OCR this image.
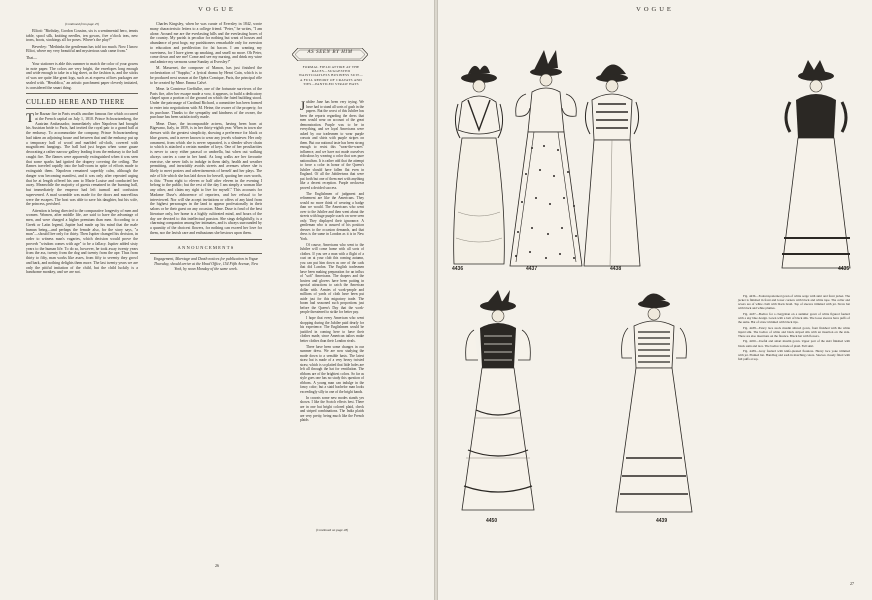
VOGUE

(Continued from page 25)

Elliott: "Birthday, Gordon Cousins, six is a sentimental hero, tennis table, spool silk, knitting needles, ten gowns, five o'clock teas, new irons, boots, stockings all for poses. Where's the play?"

Beverley: "Methinks the gentleman has told too much. Now I know Elliot, where my very beautiful and mysterious sash came from."

That—

Your stationer is able this summer to match the color of your gowns in note paper. The colors are very bright, the envelopes long enough and wide enough to take in a big sheet, as the fashion is, and the sticks of wax are quite like great logs, such as at express offices packages are sealed with. "Heraldica," an artistic parchment paper cleverly imitated, is considered the smart thing.

CULLED HERE AND THERE

The Bazaar fire in Paris recalls another famous fire which occurred at the French capital on July 1, 1810. Prince Schwartzenberg, the Austrian Ambassador, immediately after Napoleon had brought his Austrian bride to Paris, had invited the royal pair to a grand ball at the embassy. To accommodate the company, Prince Schwartzenberg had taken an adjoining house and between that and the embassy put up a temporary hall of wood and marbled oil-cloth, covered with magnificent hangings. The hall had just begun when some gauze decorating a rather narrow gallery leading from the embassy to the hall caught fire. The flames were apparently extinguished when it was seen that some sparks had ignited the drapery covering the ceiling. The flames traveled rapidly into the ball-room in spite of efforts made to extinguish them. Napoleon remained superbly calm, although the danger was becoming manifest, and it was only after repeated urging that he at length offered his arm to Marie Louise and conducted her away. Meanwhile the majority of guests remained in the burning hall, but immediately the emperor had left turmoil and confusion supervened. A mad scramble was made for the doors and marvellous were the escapes. The host was able to save his daughter, but his wife, the princess, perished.

Attention is being directed to the comparative longevity of men and women. Women, after middle life, are said to have the advantage of men, and were charged a higher premium than men. According to a Greek or Latin legend, Jupiter had made up his mind that the male human being—and perhaps the female also, for the story says, "a man"—should live only for thirty. Then Jupiter changed his decision, in order to witness man's vagaries, which decision would prove the proverb "wisdom comes with age" to be a fallacy. Jupiter added sixty years to the human life. To do so, however, he took away twenty years from the ass, twenty from the dog and twenty from the ape. Thus from thirty to fifty, man works like asses, from fifty to seventy they growl and bark, and nothing delights them more. The last twenty years we are only the pitiful imitation of the child, but the child luckily is a handsome monkey, and we are not.

Charles Kingsley, when he was curate of Eversley in 1842, wrote many characteristic letters to a college friend. "Peter," he writes, "I am alone. Around me are the everlasting hills and the everlasting bores of the country. My parish is peculiar for nothing but want of houses and abundance of peat bogs; my parishioners remarkable only for aversion to education and predilection for fat bacon. I am wanting my sweetness, for I have given up smoking, and smell no more. Oh Peter, come down and see me! Come and see my nursing, and drink my wine and admire my sermons some Sunday at Eversley!"

M. Massenet, the composer of Manon, has just finished the orchestration of "Sappho," a lyrical drama by Henri Cain, which is to be produced next season at the Opéra Comique, Paris, the principal rôle to be created by Mme. Emma Calvé.

Mme. la Comtesse Greffulhe, one of the fortunate survivors of the Paris fire, after her escape made a vow, it appears, to build a dedicatory chapel upon a portion of the ground on which the fated building stood. Under the patronage of Cardinal Richard, a committee has been formed to enter into negotiations with M. Heine, the owner of the property, for its purchase. Thanks to the sympathy and kindness of the owner, the purchase has been satisfactorily made.

Mme. Duse, the incomparable actress, having been born at Bigevano, Italy, in 1859, is in her thirty-eighth year. When in town she dresses with the greatest simplicity, showing a preference for black or blue gowns, and is never known to wear any jewels whatever. Her only ornament, from which she is never separated, is a slender silver chain to which is attached a certain number of keys. One of her peculiarities is never to carry either parasol or umbrella, but when out walking always carries a cane in her hand. As long walks are her favourite exercise, she never fails to indulge in them daily, health and weather permitting, and invariably avoids streets and avenues where she is likely to meet posters and advertisements of herself and her plays. The rule of life which she has laid down for herself, quoting her own words, is this: "From eight to eleven or half after eleven in the evening I belong to the public; but the rest of the day I am simply a woman like any other, and claim my right to live for myself." This accounts for Madame Duse's abhorrence of reporters, and her refusal to be interviewed. Nor will she accept invitations or offers of any kind from the highest personages in the land to appear professionally in their salons or be their guest on any occasion. Mme. Duse is fond of the best literature only, her home is a highly cultivated mind, and hours of the day are devoted to this intellectual passion. She sings delightfully, is a charming companion among her intimates, and is always surrounded by a quantity of the choicest flowers, for nothing can exceed her love for them, nor the lavish care and enthusiasm she bestows upon them.

ANNOUNCEMENTS

Engagement, Marriage and Death notices for publication in Vogue Thursday, should arrive at the Head Office, 154 Fifth Avenue, New York, by noon Monday of the same week.

26
VOGUE
27
AS SEEN BY HIM
FORMAL FIELD ATTIRE AT THE RACES—SUGGESTED WAISTCOATLESS BUSINESS SUIT—A FULL REPORT OF CRAVATS AND TIES—PANTILED STRAW HATS

Jubilee Jane has been very trying. We have had to stand all sorts of gush in the papers. But the worst of this Jubilee has been the reports regarding the dress that men would wear on account of the great demonstration. Purple was to be in everything, and we loyal Americans were asked by our tradesmen to wear purple cravats and shirts with purple stripes on them. But our national taste has been strong enough to resist this "wear-the-wares" influence, and we have not made ourselves ridiculous by wearing a color that was pure nationalism. It is rather odd that the attempt to force a color in honor of the Queen's Jubilee should have fallen flat even in England. Of all the Jubileeisms that were put forth but one of them met with anything like a decent reception. Purple neckwear proved a decided success.

The Englishmen of judgment and refinement are like the Americans. They would no more think of wearing a badge than we would. The Americans who went over to the Jubilee and then went about the streets with huge purple scarfs on were seen only. They displayed their ignorance. A gentleman who is assured of his position dresses to the occasion demands, and that dress is the same in London as it is in New York.

Of course, Americans who went to the Jubilee will come home with all sorts of clothes. If you see a man with a flight of a coat on at your club this coming autumn, you can put him down as one of the cads that did London. The English tradesmen have been making preparation for an influx of "soft" Americans. The drapers and the hosiers and glovers have been putting in special attractions to catch the American dollar with. Armies of work-people and millions of yards of cloth have been put aside just for this migratory trade. The boom had seasoned such proportions just before the Queen's Day that the work-people threatened to strike for better pay.

I hope that every American who went shopping during the Jubilee paid dearly for his experience. The Englishmen would be justified in coming here to have their clothes made, since American tailors make better clothes than their London rivals.

There have been some changes in our summer dress. We are now studying the mode down to a sensible basis. The latest straw hat is made of a very heavy twisted straw, which is so plaited that little holes are left all through the hat for ventilation. The ribbons are of the brightest colors. So far as style goes one has no study this question of ribbons. A young man can indulge in the fancy color; but a staid bachelor man looks exceedingly silly in one of the bright bands.

In cravats some new modes stands yes shown. I like the Scotch effects best. There are in one but bright colored plaid, check and striped combinations. The India plaids are very pretty, being much like the French plaids

(Continued on page 28)
4436	4437	4438	4435
4450	4439

Fig. 4436—Foulard-patterned gown of white serge with skirt and front jacket. The jacket is finished in front and lower corners with black and white tape. The collar and revers are of white cloth with black braid. Top of sleeves trimmed with jet. Straw hat with black and white plumes.

Fig. 4437—Bodice for a clergyman on a summer gown of white figured foulard with a sky blue design. Gown with a belt of black silk. The loose sleeves have puffs of the same. Hat of straw trimmed with black tips.

Fig. 4438—Fancy lace stock muslin shirred gown, front finished with the white liquid silk. The bodice of white and black striped silk with an insertion on the side. There are also insertions on the flounce. Black hat with flowers.

Fig. 4450—Useful and smart muslin gown. Upper part of the skirt finished with black satin and lace. The bodice is made of plaid. Full skirt.

Fig. 4439—Gray foulard with knife-pleated flounces. Heavy lace yoke trimmed with jet. Plumed hat. Handbag and sash in matching colors. Sleeves closely fitted with full puffs at top.
